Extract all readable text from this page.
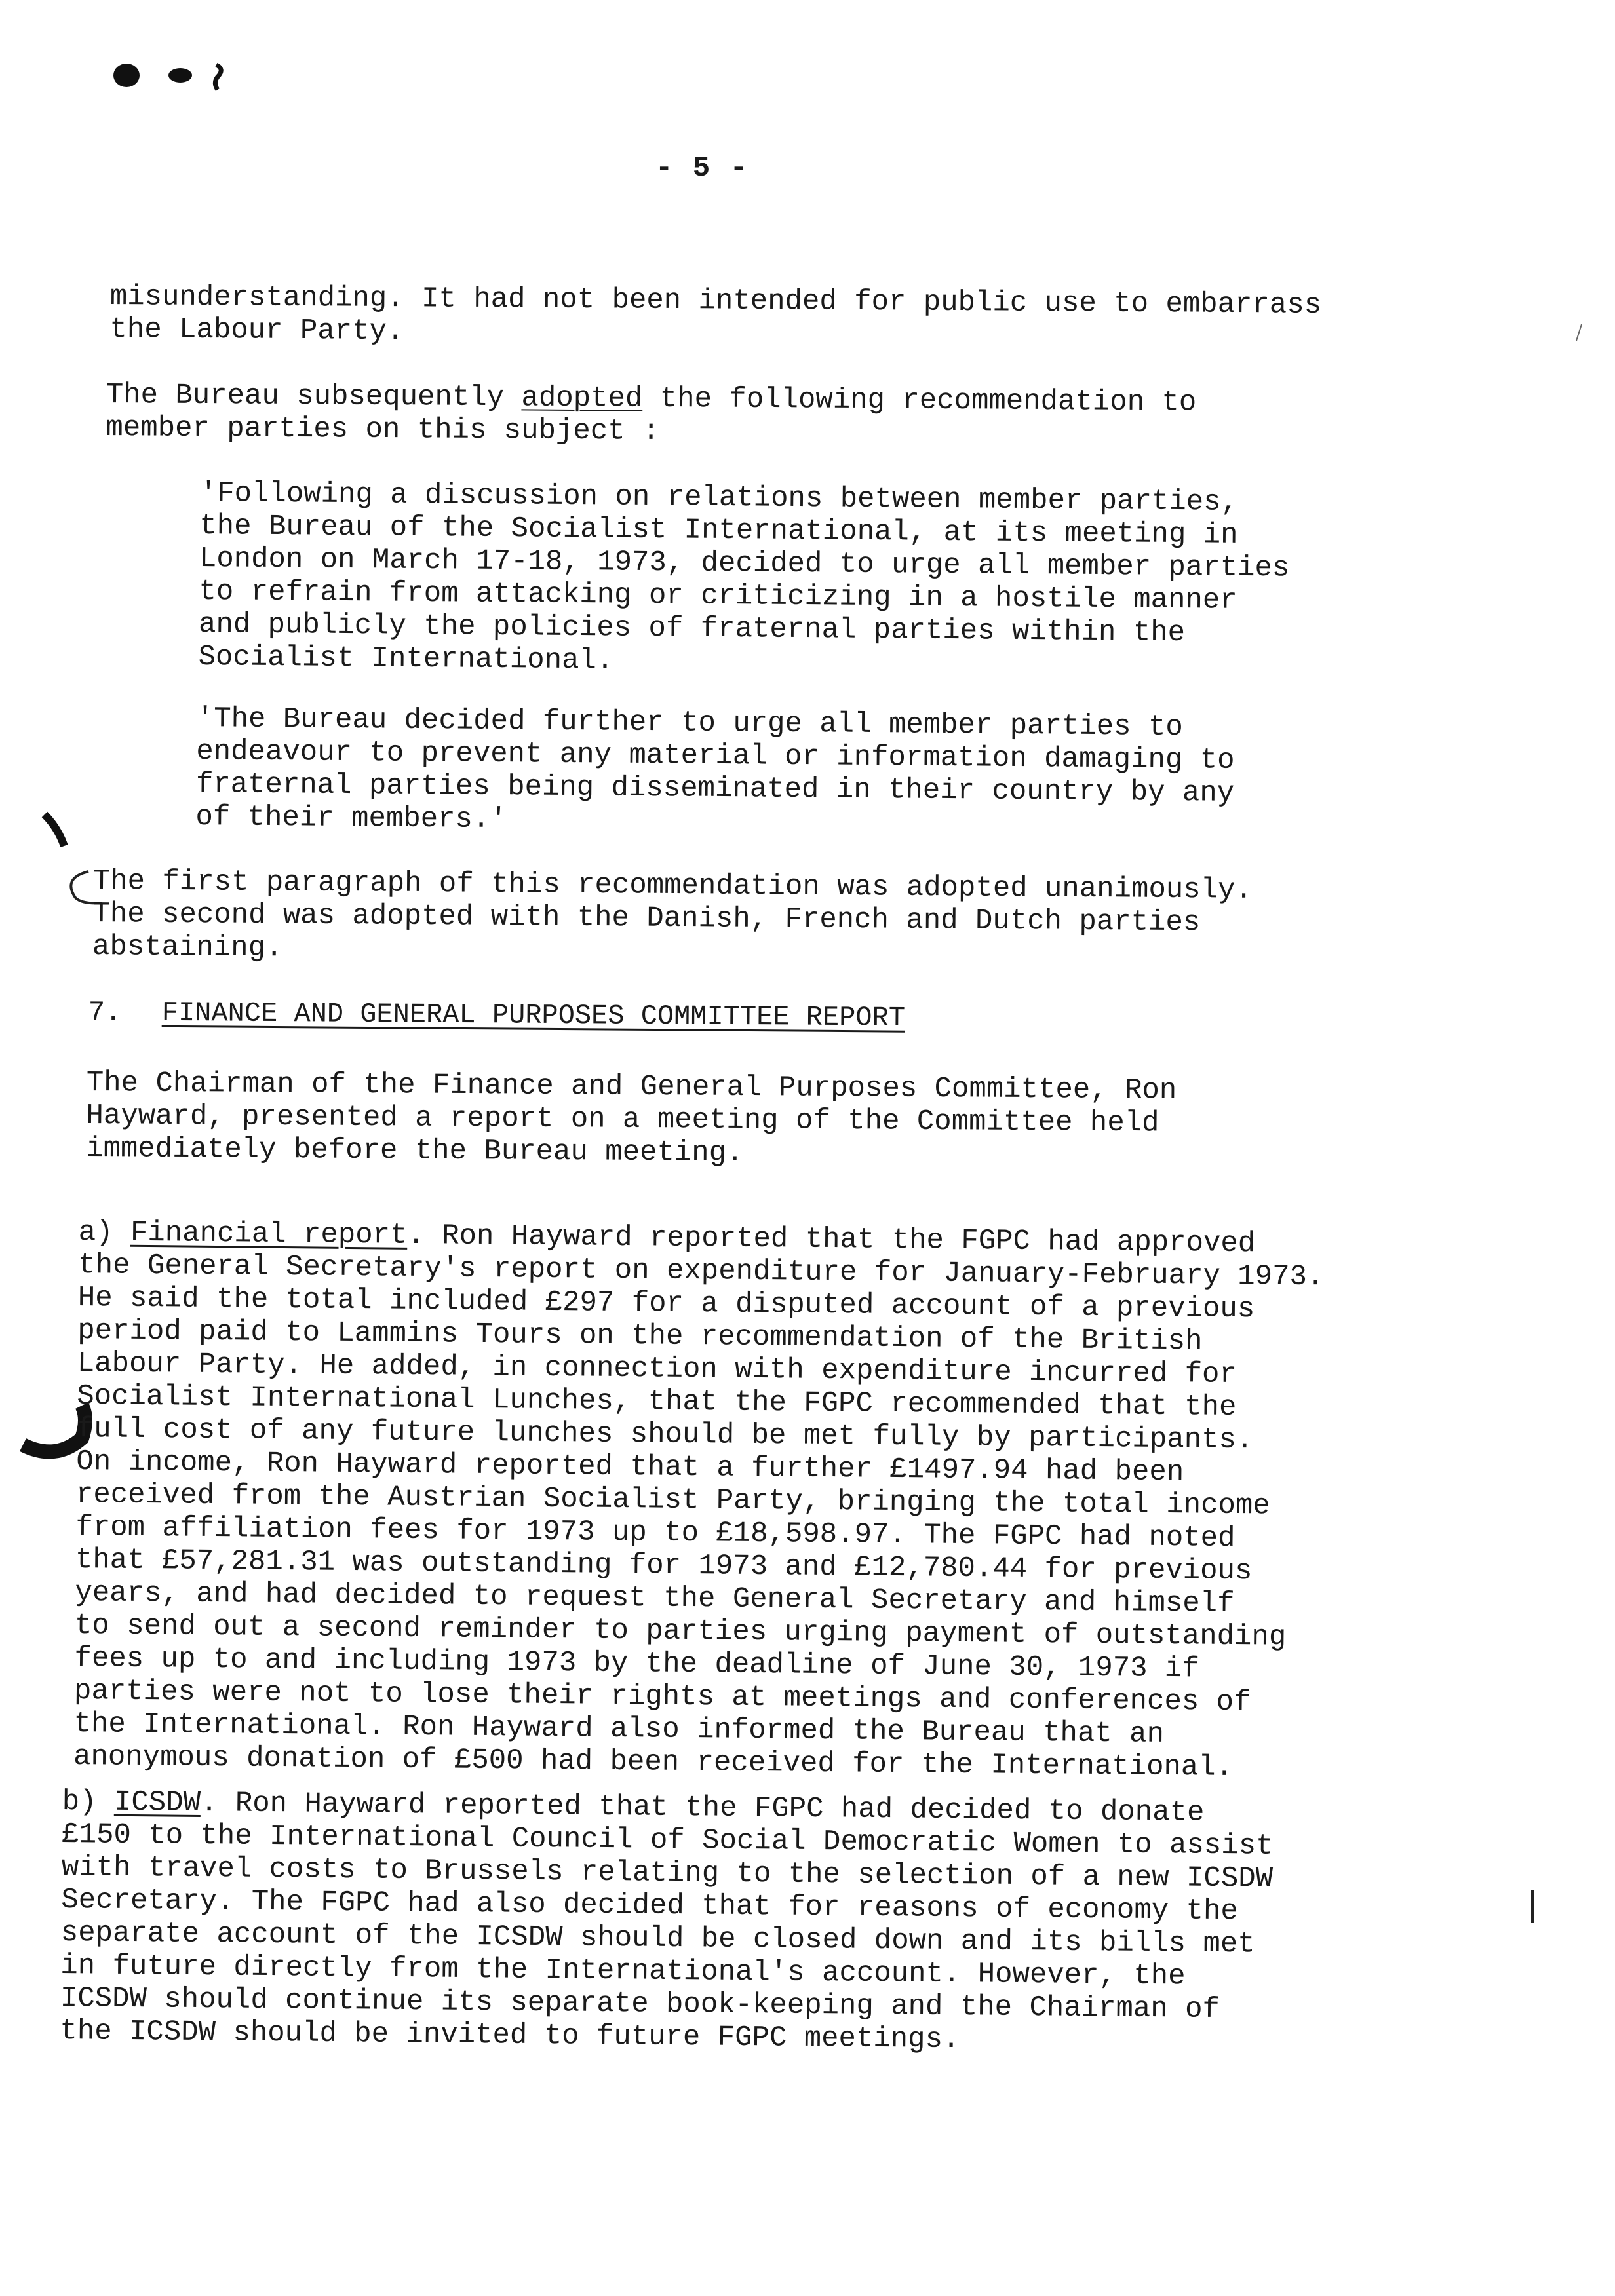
- 5 -

misunderstanding. It had not been intended for public use to embarrass
the Labour Party.

The Bureau subsequently adopted the following recommendation to
member parties on this subject :

'Following a discussion on relations between member parties,
the Bureau of the Socialist International, at its meeting in
London on March 17-18, 1973, decided to urge all member parties
to refrain from attacking or criticizing in a hostile manner
and publicly the policies of fraternal parties within the
Socialist International.

'The Bureau decided further to urge all member parties to
endeavour to prevent any material or information damaging to
fraternal parties being disseminated in their country by any
of their members.'

The first paragraph of this recommendation was adopted unanimously.
The second was adopted with the Danish, French and Dutch parties
abstaining.

7. FINANCE AND GENERAL PURPOSES COMMITTEE REPORT

The Chairman of the Finance and General Purposes Committee, Ron
Hayward, presented a report on a meeting of the Committee held
immediately before the Bureau meeting.

a) Financial report. Ron Hayward reported that the FGPC had approved
the General Secretary's report on expenditure for January-February 1973.
He said the total included £297 for a disputed account of a previous
period paid to Lammins Tours on the recommendation of the British
Labour Party. He added, in connection with expenditure incurred for
Socialist International Lunches, that the FGPC recommended that the
full cost of any future lunches should be met fully by participants.
On income, Ron Hayward reported that a further £1497.94 had been
received from the Austrian Socialist Party, bringing the total income
from affiliation fees for 1973 up to £18,598.97. The FGPC had noted
that £57,281.31 was outstanding for 1973 and £12,780.44 for previous
years, and had decided to request the General Secretary and himself
to send out a second reminder to parties urging payment of outstanding
fees up to and including 1973 by the deadline of June 30, 1973 if
parties were not to lose their rights at meetings and conferences of
the International. Ron Hayward also informed the Bureau that an
anonymous donation of £500 had been received for the International.

b) ICSDW. Ron Hayward reported that the FGPC had decided to donate
£150 to the International Council of Social Democratic Women to assist
with travel costs to Brussels relating to the selection of a new ICSDW
Secretary. The FGPC had also decided that for reasons of economy the
separate account of the ICSDW should be closed down and its bills met
in future directly from the International's account. However, the
ICSDW should continue its separate book-keeping and the Chairman of
the ICSDW should be invited to future FGPC meetings.
